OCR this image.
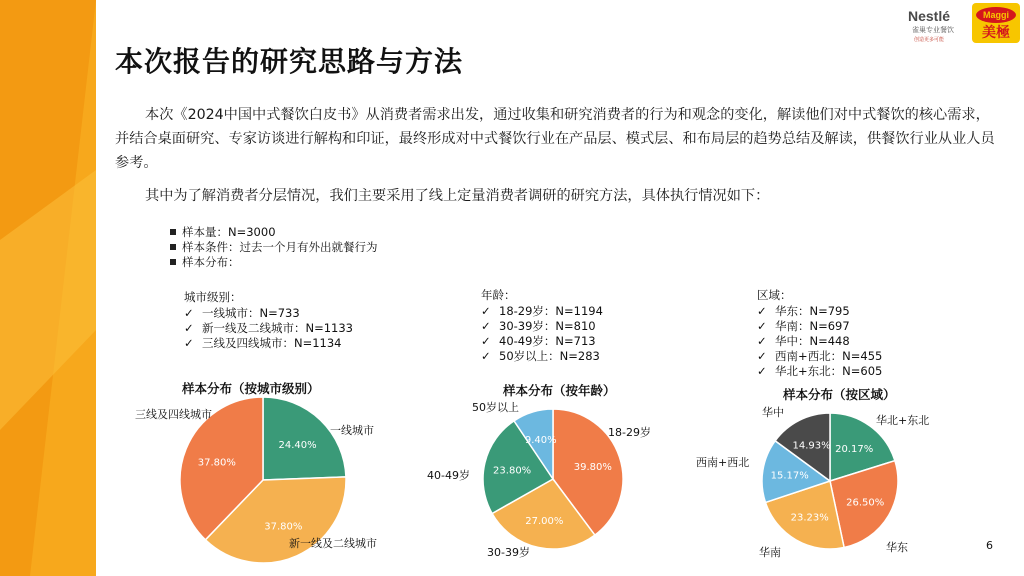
Nestlé
雀巢专业餐饮
创造更多可能
Maggi
美極
本次报告的研究思路与方法
本次《2024中国中式餐饮白皮书》从消费者需求出发，通过收集和研究消费者的行为和观念的变化，解读他们对中式餐饮的核心需求，并结合桌面研究、专家访谈进行解构和印证，最终形成对中式餐饮行业在产品层、模式层、和布局层的趋势总结及解读，供餐饮行业从业人员参考。
其中为了解消费者分层情况，我们主要采用了线上定量消费者调研的研究方法，具体执行情况如下：
样本量：N=3000
样本条件：过去一个月有外出就餐行为
样本分布：
城市级别：
✓ 一线城市：N=733
✓ 新一线及二线城市：N=1133
✓ 三线及四线城市：N=1134
年龄：
✓ 18-29岁：N=1194
✓ 30-39岁：N=810
✓ 40-49岁：N=713
✓ 50岁以上：N=283
区域：
✓ 华东：N=795
✓ 华南：N=697
✓ 华中：N=448
✓ 西南+西北：N=455
✓ 华北+东北：N=605
样本分布（按城市级别）	样本分布（按年龄）	样本分布（按区域）
24.40%
37.80%
37.80%
一线城市
新一线及二线城市
三线及四线城市
39.80%
27.00%
23.80%
9.40%
18-29岁
30-39岁
40-49岁
50岁以上
20.17%
26.50%
23.23%
15.17%
14.93%
华北+东北
华东
华南
西南+西北
华中
6
